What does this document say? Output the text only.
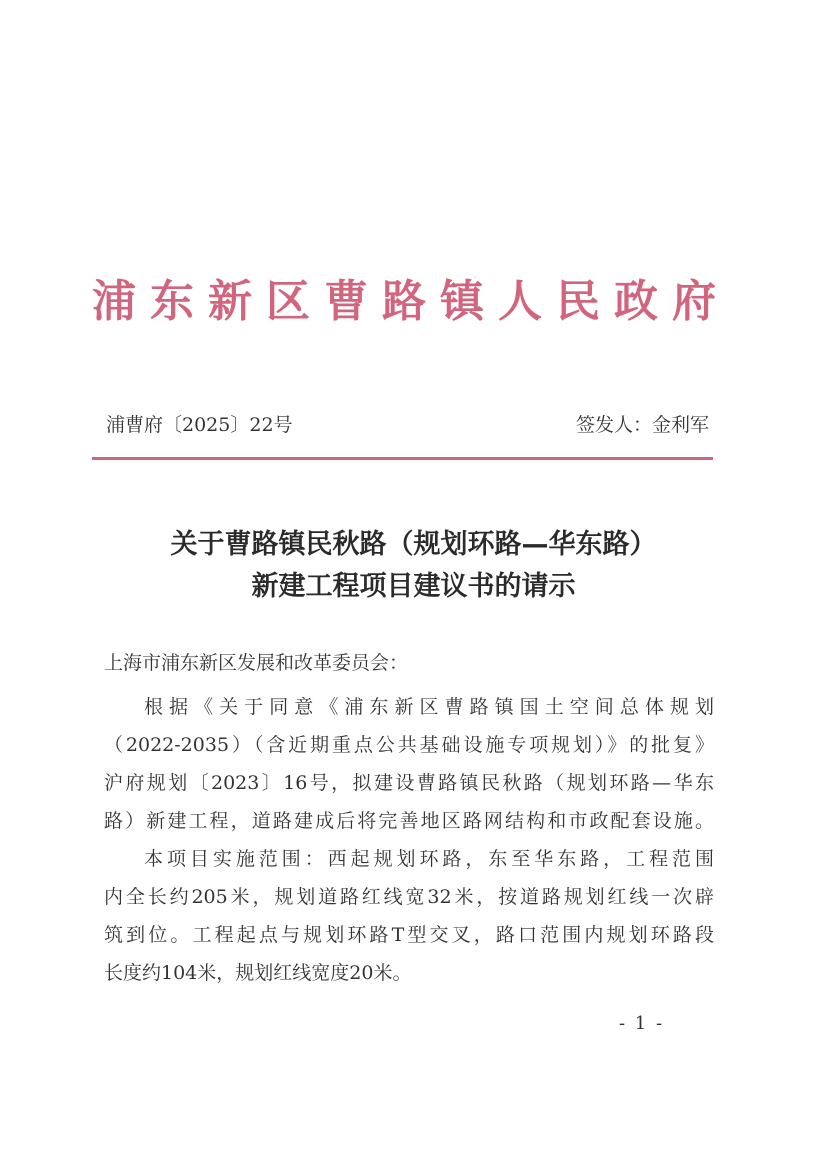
浦东新区曹路镇人民政府
浦曹府〔2025〕22号	签发人：金利军
关于曹路镇民秋路（规划环路—华东路）
新建工程项目建议书的请示
上海市浦东新区发展和改革委员会：
根据《关于同意《浦东新区曹路镇国土空间总体规划
（2022-2035）（含近期重点公共基础设施专项规划）》的批复》
沪府规划〔2023〕16号，拟建设曹路镇民秋路（规划环路—华东
路）新建工程，道路建成后将完善地区路网结构和市政配套设施。
本项目实施范围：西起规划环路，东至华东路，工程范围
内全长约205米，规划道路红线宽32米，按道路规划红线一次辟
筑到位。工程起点与规划环路T型交叉，路口范围内规划环路段
长度约104米，规划红线宽度20米。
- 1 -
